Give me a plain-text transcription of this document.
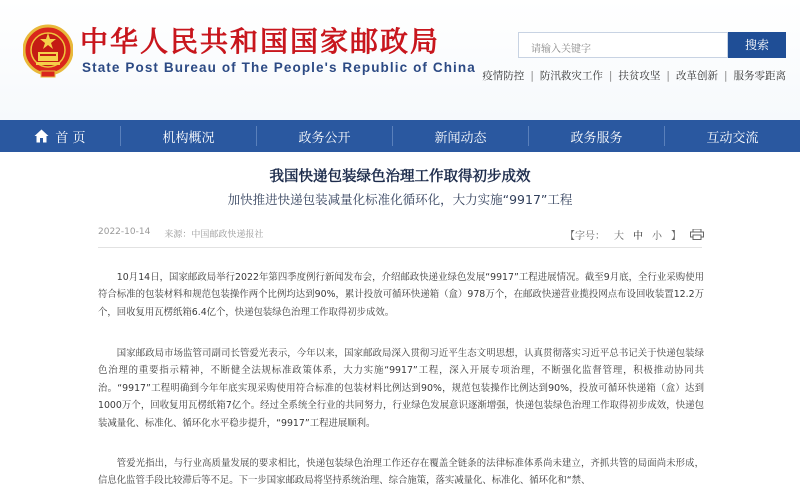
中华人民共和国国家邮政局
State Post Bureau of The People's Republic of China
请输入关键字	搜索
疫情防控 | 防汛救灾工作 | 扶贫攻坚 | 改革创新 | 服务零距离
首 页	机构概况	政务公开	新闻动态	政务服务	互动交流
我国快递包装绿色治理工作取得初步成效
加快推进快递包装减量化标准化循环化，大力实施“9917”工程
2022-10-14 来源：中国邮政快递报社	【字号： 大 中 小 】

10月14日，国家邮政局举行2022年第四季度例行新闻发布会，介绍邮政快递业绿色发展“9917”工程进展情况。截至9月底，全行业采购使用符合标准的包装材料和规范包装操作两个比例均达到90%，累计投放可循环快递箱（盒）978万个，在邮政快递营业揽投网点布设回收装置12.2万个，回收复用瓦楞纸箱6.4亿个，快递包装绿色治理工作取得初步成效。

国家邮政局市场监管司副司长管爱光表示，今年以来，国家邮政局深入贯彻习近平生态文明思想，认真贯彻落实习近平总书记关于快递包装绿色治理的重要指示精神，不断健全法规标准政策体系，大力实施“9917”工程，深入开展专项治理，不断强化监督管理，积极推动协同共治。“9917”工程明确到今年年底实现采购使用符合标准的包装材料比例达到90%，规范包装操作比例达到90%，投放可循环快递箱（盒）达到1000万个，回收复用瓦楞纸箱7亿个。经过全系统全行业的共同努力，行业绿色发展意识逐渐增强，快递包装绿色治理工作取得初步成效，快递包装减量化、标准化、循环化水平稳步提升，“9917”工程进展顺利。

管爱光指出，与行业高质量发展的要求相比，快递包装绿色治理工作还存在覆盖全链条的法律标准体系尚未建立，齐抓共管的局面尚未形成，信息化监管手段比较滞后等不足。下一步国家邮政局将坚持系统治理、综合施策，落实减量化、标准化、循环化和“禁、
